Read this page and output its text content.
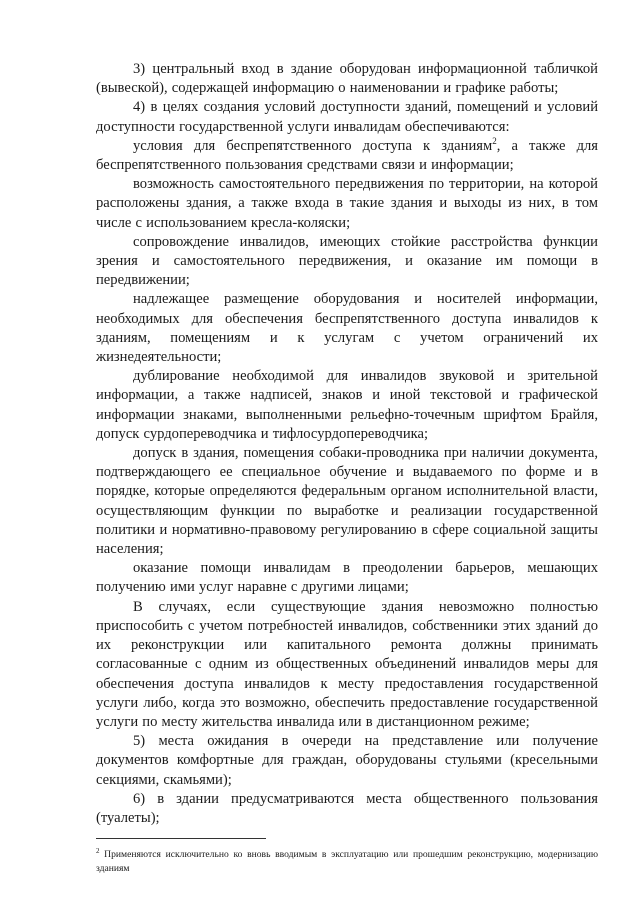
3) центральный вход в здание оборудован информационной табличкой (вывеской), содержащей информацию о наименовании и графике работы;

4) в целях создания условий доступности зданий, помещений и условий доступности государственной услуги инвалидам обеспечиваются:

условия для беспрепятственного доступа к зданиям$^2$, а также для беспрепятственного пользования средствами связи и информации;

возможность самостоятельного передвижения по территории, на которой расположены здания, а также входа в такие здания и выходы из них, в том числе с использованием кресла-коляски;

сопровождение инвалидов, имеющих стойкие расстройства функции зрения и самостоятельного передвижения, и оказание им помощи в передвижении;

надлежащее размещение оборудования и носителей информации, необходимых для обеспечения беспрепятственного доступа инвалидов к зданиям, помещениям и к услугам с учетом ограничений их жизнедеятельности;

дублирование необходимой для инвалидов звуковой и зрительной информации, а также надписей, знаков и иной текстовой и графической информации знаками, выполненными рельефно-точечным шрифтом Брайля, допуск сурдопереводчика и тифлосурдопереводчика;

допуск в здания, помещения собаки-проводника при наличии документа, подтверждающего ее специальное обучение и выдаваемого по форме и в порядке, которые определяются федеральным органом исполнительной власти, осуществляющим функции по выработке и реализации государственной политики и нормативно-правовому регулированию в сфере социальной защиты населения;

оказание помощи инвалидам в преодолении барьеров, мешающих получению ими услуг наравне с другими лицами;

В случаях, если существующие здания невозможно полностью приспособить с учетом потребностей инвалидов, собственники этих зданий до их реконструкции или капитального ремонта должны принимать согласованные с одним из общественных объединений инвалидов меры для обеспечения доступа инвалидов к месту предоставления государственной услуги либо, когда это возможно, обеспечить предоставление государственной услуги по месту жительства инвалида или в дистанционном режиме;

5) места ожидания в очереди на представление или получение документов комфортные для граждан, оборудованы стульями (кресельными секциями, скамьями);

6) в здании предусматриваются места общественного пользования (туалеты);

$^2$ Применяются исключительно ко вновь вводимым в эксплуатацию или прошедшим реконструкцию, модернизацию зданиям
